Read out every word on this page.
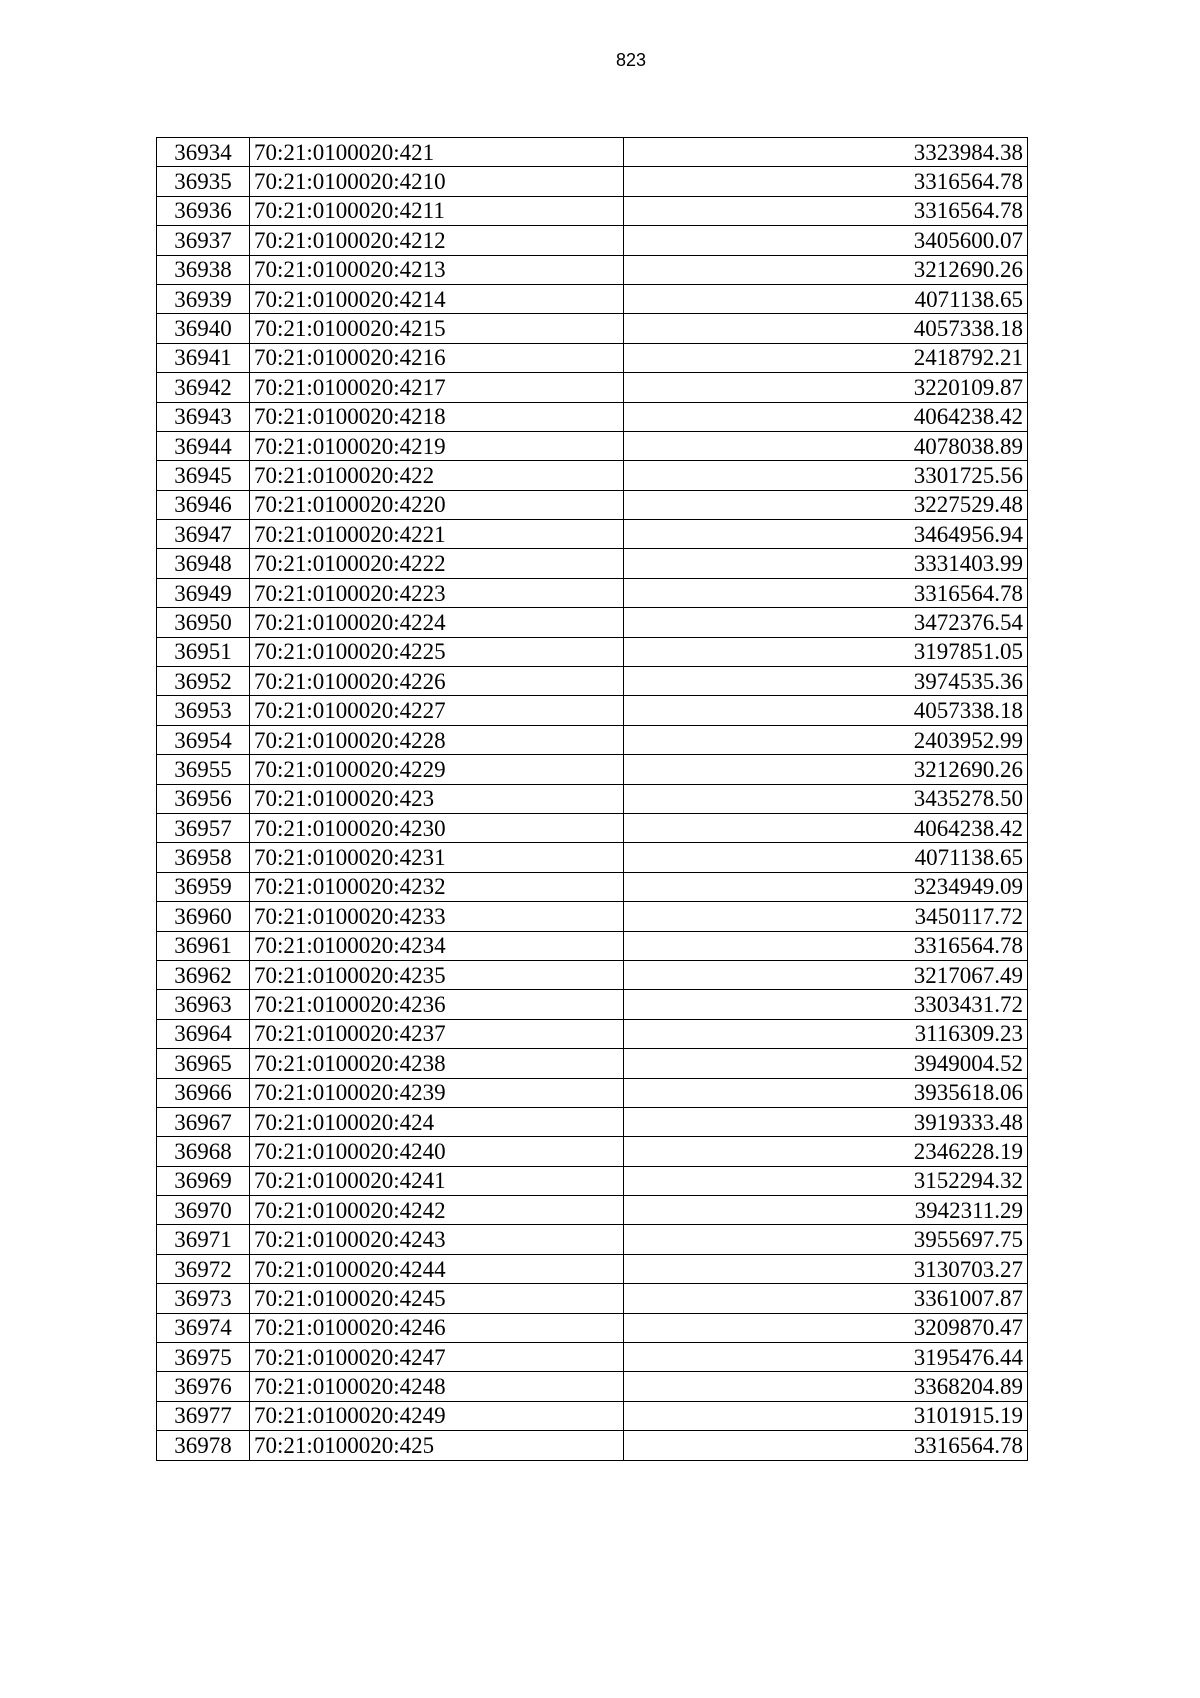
823
36934	70:21:0100020:421	3323984.38
36935	70:21:0100020:4210	3316564.78
36936	70:21:0100020:4211	3316564.78
36937	70:21:0100020:4212	3405600.07
36938	70:21:0100020:4213	3212690.26
36939	70:21:0100020:4214	4071138.65
36940	70:21:0100020:4215	4057338.18
36941	70:21:0100020:4216	2418792.21
36942	70:21:0100020:4217	3220109.87
36943	70:21:0100020:4218	4064238.42
36944	70:21:0100020:4219	4078038.89
36945	70:21:0100020:422	3301725.56
36946	70:21:0100020:4220	3227529.48
36947	70:21:0100020:4221	3464956.94
36948	70:21:0100020:4222	3331403.99
36949	70:21:0100020:4223	3316564.78
36950	70:21:0100020:4224	3472376.54
36951	70:21:0100020:4225	3197851.05
36952	70:21:0100020:4226	3974535.36
36953	70:21:0100020:4227	4057338.18
36954	70:21:0100020:4228	2403952.99
36955	70:21:0100020:4229	3212690.26
36956	70:21:0100020:423	3435278.50
36957	70:21:0100020:4230	4064238.42
36958	70:21:0100020:4231	4071138.65
36959	70:21:0100020:4232	3234949.09
36960	70:21:0100020:4233	3450117.72
36961	70:21:0100020:4234	3316564.78
36962	70:21:0100020:4235	3217067.49
36963	70:21:0100020:4236	3303431.72
36964	70:21:0100020:4237	3116309.23
36965	70:21:0100020:4238	3949004.52
36966	70:21:0100020:4239	3935618.06
36967	70:21:0100020:424	3919333.48
36968	70:21:0100020:4240	2346228.19
36969	70:21:0100020:4241	3152294.32
36970	70:21:0100020:4242	3942311.29
36971	70:21:0100020:4243	3955697.75
36972	70:21:0100020:4244	3130703.27
36973	70:21:0100020:4245	3361007.87
36974	70:21:0100020:4246	3209870.47
36975	70:21:0100020:4247	3195476.44
36976	70:21:0100020:4248	3368204.89
36977	70:21:0100020:4249	3101915.19
36978	70:21:0100020:425	3316564.78
